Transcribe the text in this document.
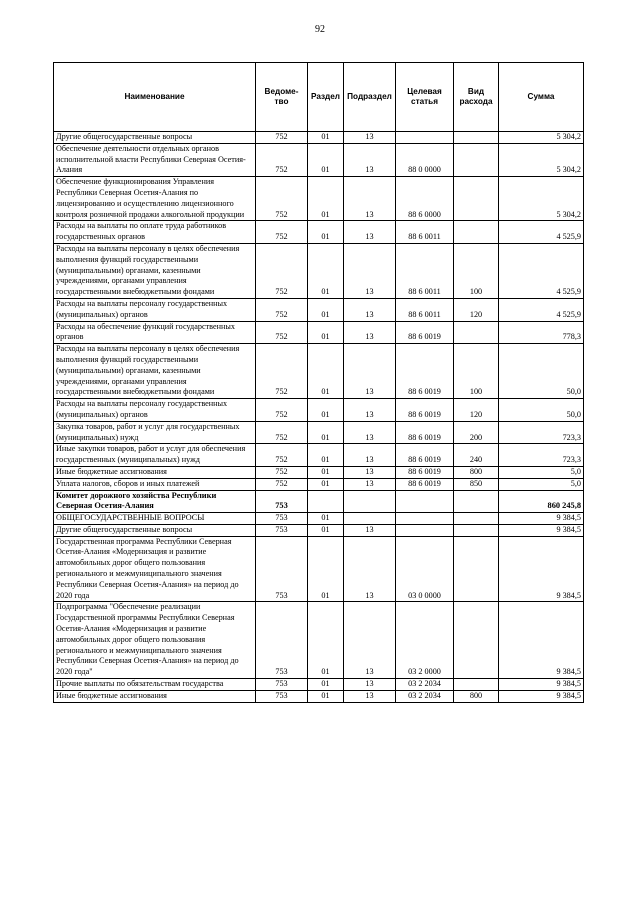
92
Наименование	Ведоме-тво	Раздел	Подраздел	Целевая статья	Вид расхода	Сумма
Другие общегосударственные вопросы	752	01	13			5 304,2
Обеспечение деятельности отдельных органов исполнительной власти Республики Северная Осетия-Алания	752	01	13	88 0 0000		5 304,2
Обеспечение функционирования Управления Республики Северная Осетия-Алания по лицензированию и осуществлению лицензионного контроля розничной продажи алкогольной продукции	752	01	13	88 6 0000		5 304,2
Расходы на выплаты по оплате труда работников государственных органов	752	01	13	88 6 0011		4 525,9
Расходы на выплаты персоналу в целях обеспечения выполнения функций государственными (муниципальными) органами, казенными учреждениями, органами управления государственными внебюджетными фондами	752	01	13	88 6 0011	100	4 525,9
Расходы на выплаты персоналу государственных (муниципальных) органов	752	01	13	88 6 0011	120	4 525,9
Расходы на обеспечение функций государственных органов	752	01	13	88 6 0019		778,3
Расходы на выплаты персоналу в целях обеспечения выполнения функций государственными (муниципальными) органами, казенными учреждениями, органами управления государственными внебюджетными фондами	752	01	13	88 6 0019	100	50,0
Расходы на выплаты персоналу государственных (муниципальных) органов	752	01	13	88 6 0019	120	50,0
Закупка товаров, работ и услуг для государственных (муниципальных) нужд	752	01	13	88 6 0019	200	723,3
Иные закупки товаров, работ и услуг для обеспечения государственных (муниципальных) нужд	752	01	13	88 6 0019	240	723,3
Иные бюджетные ассигнования	752	01	13	88 6 0019	800	5,0
Уплата налогов, сборов и иных платежей	752	01	13	88 6 0019	850	5,0
Комитет дорожного хозяйства Республики Северная Осетия-Алания	753					860 245,8
ОБЩЕГОСУДАРСТВЕННЫЕ ВОПРОСЫ	753	01				9 384,5
Другие общегосударственные вопросы	753	01	13			9 384,5
Государственная программа Республики Северная Осетия-Алания «Модернизация и развитие автомобильных дорог общего пользования регионального и межмуниципального значения Республики Северная Осетия-Алания» на период до 2020 года	753	01	13	03 0 0000		9 384,5
Подпрограмма "Обеспечение реализации Государственной программы Республики Северная Осетия-Алания «Модернизация и развитие автомобильных дорог общего пользования регионального и межмуниципального значения Республики Северная Осетия-Алания» на период до 2020 года"	753	01	13	03 2 0000		9 384,5
Прочие выплаты по обязательствам государства	753	01	13	03 2 2034		9 384,5
Иные бюджетные ассигнования	753	01	13	03 2 2034	800	9 384,5
